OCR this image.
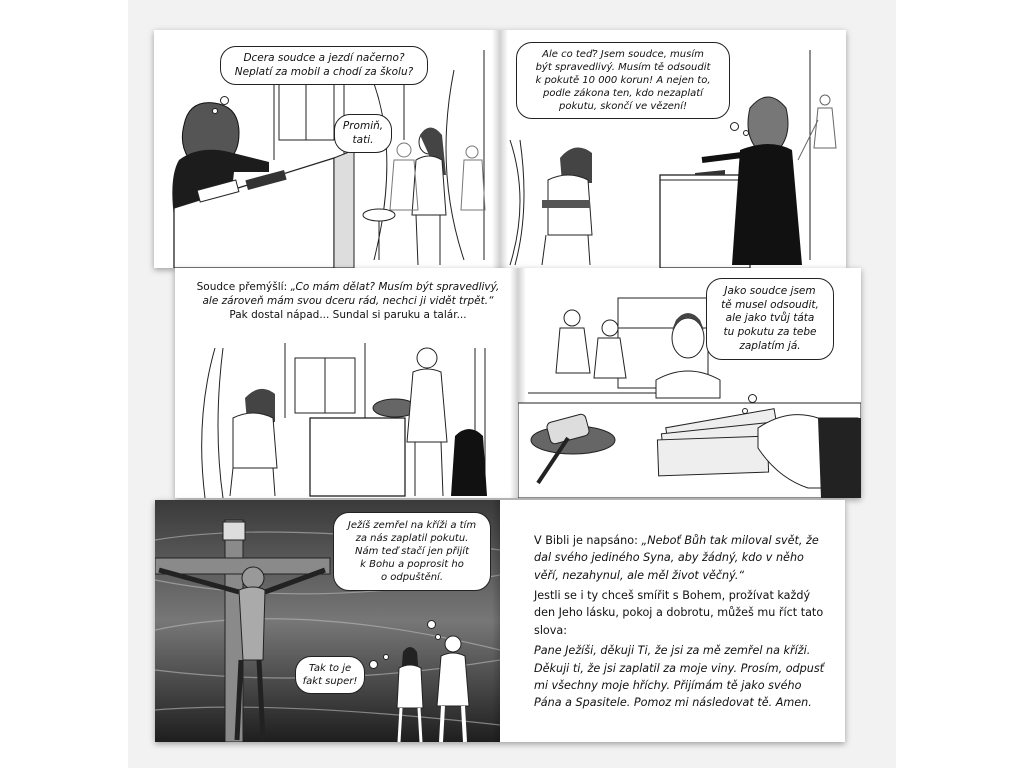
Dcera soudce a jezdí načerno?
Neplatí za mobil a chodí za školu?
Promiň,
tati.
Ale co teď? Jsem soudce, musím
být spravedlivý. Musím tě odsoudit
k pokutě 10 000 korun! A nejen to,
podle zákona ten, kdo nezaplatí
pokutu, skončí ve vězení!
Soudce přemýšlí: „Co mám dělat? Musím být spravedlivý,
ale zároveň mám svou dceru rád, nechci ji vidět trpět.“
Pak dostal nápad... Sundal si paruku a talár...
Jako soudce jsem
tě musel odsoudit,
ale jako tvůj táta
tu pokutu za tebe
zaplatím já.
Ježíš zemřel na kříži a tím
za nás zaplatil pokutu.
Nám teď stačí jen přijít
k Bohu a poprosit ho
o odpuštění.
Tak to je
fakt super!

V Bibli je napsáno: „Neboť Bůh tak miloval svět, že dal svého jediného Syna, aby žádný, kdo v něho věří, nezahynul, ale měl život věčný.“

Jestli se i ty chceš smířit s Bohem, prožívat každý den Jeho lásku, pokoj a dobrotu, můžeš mu říct tato slova:

Pane Ježíši, děkuji Ti, že jsi za mě zemřel na kříži. Děkuji ti, že jsi zaplatil za moje viny. Prosím, odpusť mi všechny moje hříchy. Přijímám tě jako svého Pána a Spasitele. Pomoz mi následovat tě. Amen.
